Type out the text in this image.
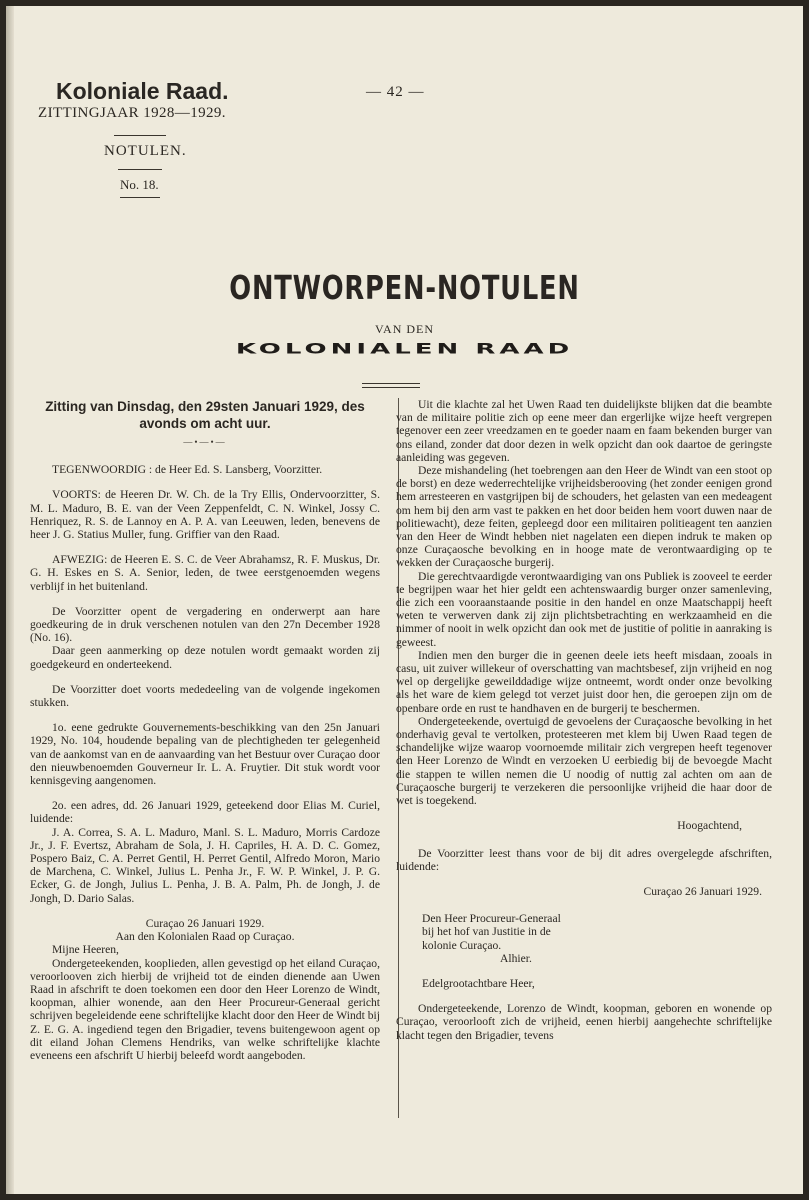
Koloniale Raad.
ZITTINGJAAR 1928—1929.
NOTULEN.
No. 18.
— 42 —
ONTWORPEN-NOTULEN
VAN DEN
KOLONIALEN RAAD

Zitting van Dinsdag, den 29sten Januari 1929, des avonds om acht uur.

—•—•—

TEGENWOORDIG : de Heer Ed. S. Lansberg, Voorzitter.

VOORTS: de Heeren Dr. W. Ch. de la Try Ellis, Ondervoorzitter, S. M. L. Maduro, B. E. van der Veen Zeppenfeldt, C. N. Winkel, Jossy C. Henriquez, R. S. de Lannoy en A. P. A. van Leeuwen, leden, benevens de heer J. G. Statius Muller, fung. Griffier van den Raad.

AFWEZIG: de Heeren E. S. C. de Veer Abrahamsz, R. F. Muskus, Dr. G. H. Eskes en S. A. Senior, leden, de twee eerstgenoemden wegens verblijf in het buitenland.

De Voorzitter opent de vergadering en onderwerpt aan hare goedkeuring de in druk verschenen notulen van den 27n December 1928 (No. 16).

Daar geen aanmerking op deze notulen wordt gemaakt worden zij goedgekeurd en onderteekend.

De Voorzitter doet voorts mededeeling van de volgende ingekomen stukken.

1o. eene gedrukte Gouvernements-beschikking van den 25n Januari 1929, No. 104, houdende bepaling van de plechtigheden ter gelegenheid van de aankomst van en de aanvaarding van het Bestuur over Curaçao door den nieuwbenoemden Gouverneur Ir. L. A. Fruytier. Dit stuk wordt voor kennisgeving aangenomen.

2o. een adres, dd. 26 Januari 1929, geteekend door Elias M. Curiel, luidende:

J. A. Correa, S. A. L. Maduro, Manl. S. L. Maduro, Morris Cardoze Jr., J. F. Evertsz, Abraham de Sola, J. H. Capriles, H. A. D. C. Gomez, Pospero Baiz, C. A. Perret Gentil, H. Perret Gentil, Alfredo Moron, Mario de Marchena, C. Winkel, Julius L. Penha Jr., F. W. P. Winkel, J. P. G. Ecker, G. de Jongh, Julius L. Penha, J. B. A. Palm, Ph. de Jongh, J. de Jongh, D. Dario Salas.

Curaçao 26 Januari 1929.

Aan den Kolonialen Raad op Curaçao.

Mijne Heeren,

Ondergeteekenden, kooplieden, allen gevestigd op het eiland Curaçao, veroorlooven zich hierbij de vrijheid tot de einden dienende aan Uwen Raad in afschrift te doen toekomen een door den Heer Lorenzo de Windt, koopman, alhier wonende, aan den Heer Procureur-Generaal gericht schrijven begeleidende eene schriftelijke klacht door den Heer de Windt bij Z. E. G. A. ingediend tegen den Brigadier, tevens buitengewoon agent op dit eiland Johan Clemens Hendriks, van welke schriftelijke klachte eveneens een afschrift U hierbij beleefd wordt aangeboden.

Uit die klachte zal het Uwen Raad ten duidelijkste blijken dat die beambte van de militaire politie zich op eene meer dan ergerlijke wijze heeft vergrepen tegenover een zeer vreedzamen en te goeder naam en faam bekenden burger van ons eiland, zonder dat door dezen in welk opzicht dan ook daartoe de geringste aanleiding was gegeven.

Deze mishandeling (het toebrengen aan den Heer de Windt van een stoot op de borst) en deze wederrechtelijke vrijheidsberooving (het zonder eenigen grond hem arresteeren en vastgrijpen bij de schouders, het gelasten van een medeagent om hem bij den arm vast te pakken en het door beiden hem voort duwen naar de politiewacht), deze feiten, gepleegd door een militairen politieagent ten aanzien van den Heer de Windt hebben niet nagelaten een diepen indruk te maken op onze Curaçaosche bevolking en in hooge mate de verontwaardiging op te wekken der Curaçaosche burgerij.

Die gerechtvaardigde verontwaardiging van ons Publiek is zooveel te eerder te begrijpen waar het hier geldt een achtenswaardig burger onzer samenleving, die zich een vooraanstaande positie in den handel en onze Maatschappij heeft weten te verwerven dank zij zijn plichtsbetrachting en werkzaamheid en die nimmer of nooit in welk opzicht dan ook met de justitie of politie in aanraking is geweest.

Indien men den burger die in geenen deele iets heeft misdaan, zooals in casu, uit zuiver willekeur of overschatting van machtsbesef, zijn vrijheid en nog wel op dergelijke geweilddadige wijze ontneemt, wordt onder onze bevolking als het ware de kiem gelegd tot verzet juist door hen, die geroepen zijn om de openbare orde en rust te handhaven en de burgerij te beschermen.

Ondergeteekende, overtuigd de gevoelens der Curaçaosche bevolking in het onderhavig geval te vertolken, protesteeren met klem bij Uwen Raad tegen de schandelijke wijze waarop voornoemde militair zich vergrepen heeft tegenover den Heer Lorenzo de Windt en verzoeken U eerbiedig bij de bevoegde Macht die stappen te willen nemen die U noodig of nuttig zal achten om aan de Curaçaosche burgerij te verzekeren die persoonlijke vrijheid die haar door de wet is toegekend.

Hoogachtend,

De Voorzitter leest thans voor de bij dit adres overgelegde afschriften, luidende:

Curaçao 26 Januari 1929.

Den Heer Procureur-Generaal

bij het hof van Justitie in de

kolonie Curaçao.

Alhier.

Edelgrootachtbare Heer,

Ondergeteekende, Lorenzo de Windt, koopman, geboren en wonende op Curaçao, veroorlooft zich de vrijheid, eenen hierbij aangehechte schriftelijke klacht tegen den Brigadier, tevens
